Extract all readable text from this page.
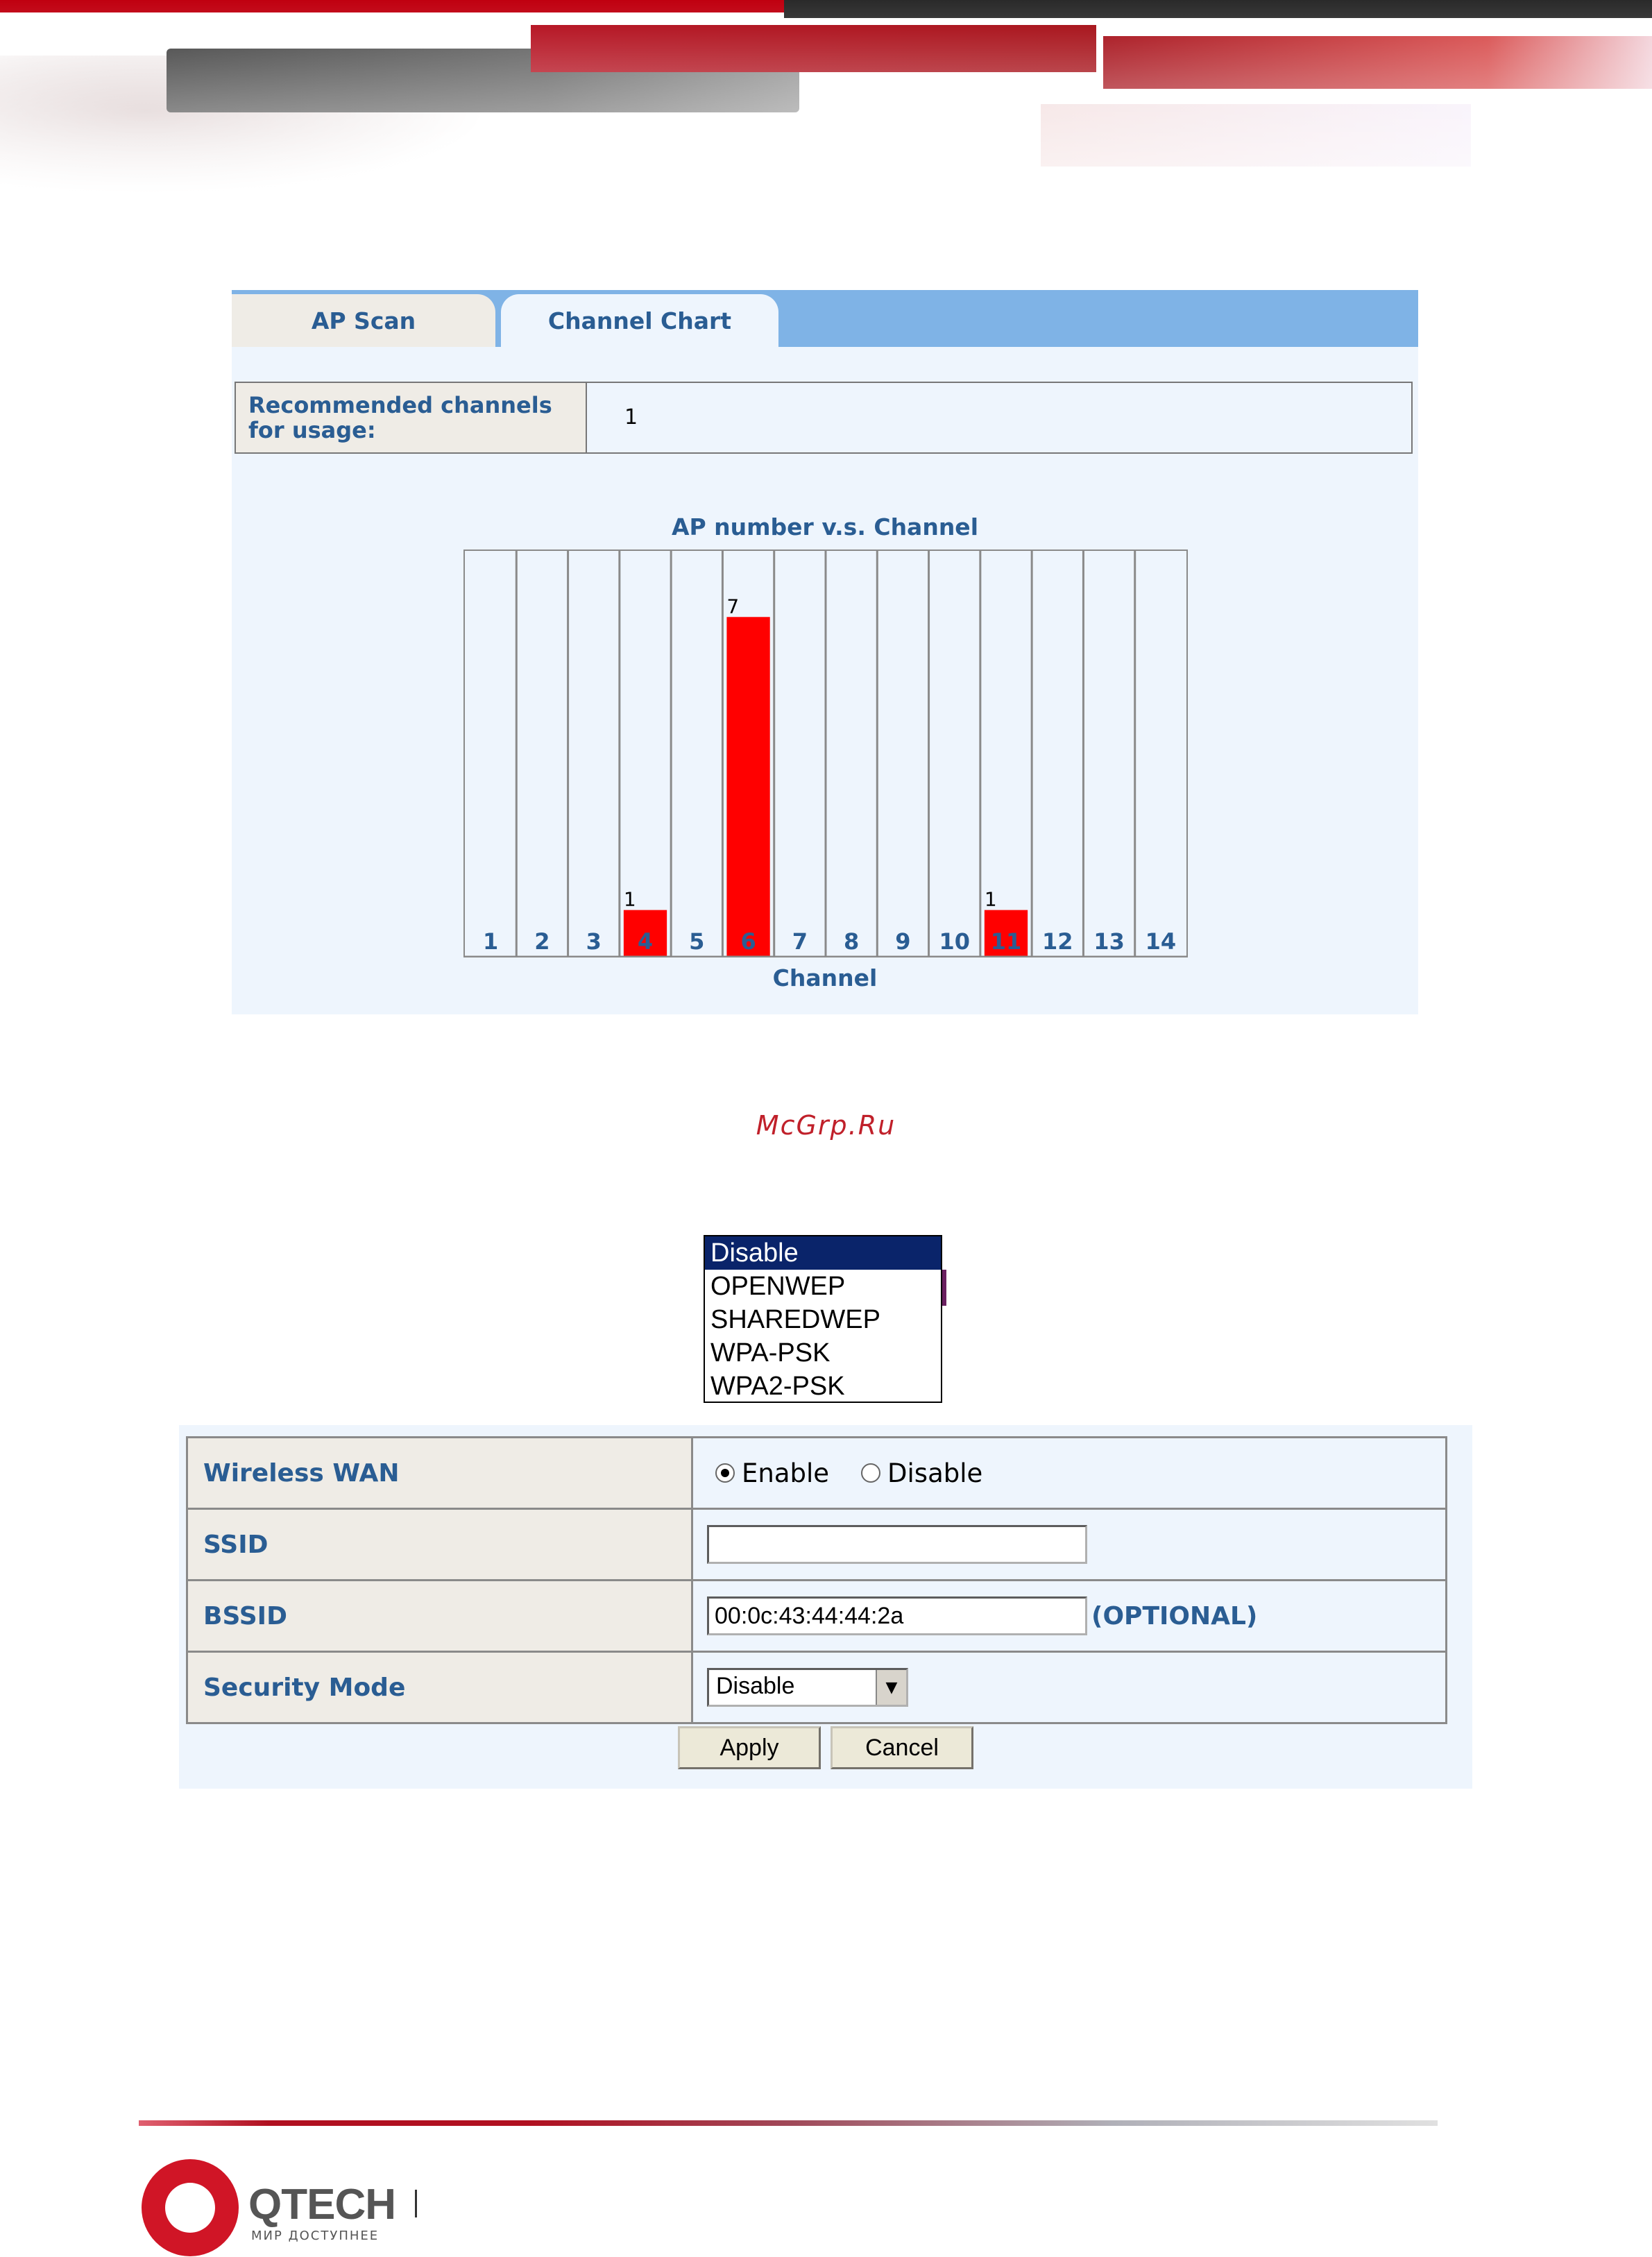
AP Scan	Channel Chart
Recommended channels for usage:	1
AP number v.s. Channel
1 2 3
1
4 5
7
6 7 8 9 10
1
11 12 13 14
Channel
McGrp.Ru
Disable
OPENWEP
SHAREDWEP
WPA-PSK
WPA2-PSK
Wireless WAN	Enable Disable
SSID
BSSID	00:0c:43:44:44:2a	(OPTIONAL)
Security Mode	Disable	▼
Apply	Cancel
QTECH
МИР ДОСТУПНЕЕ
